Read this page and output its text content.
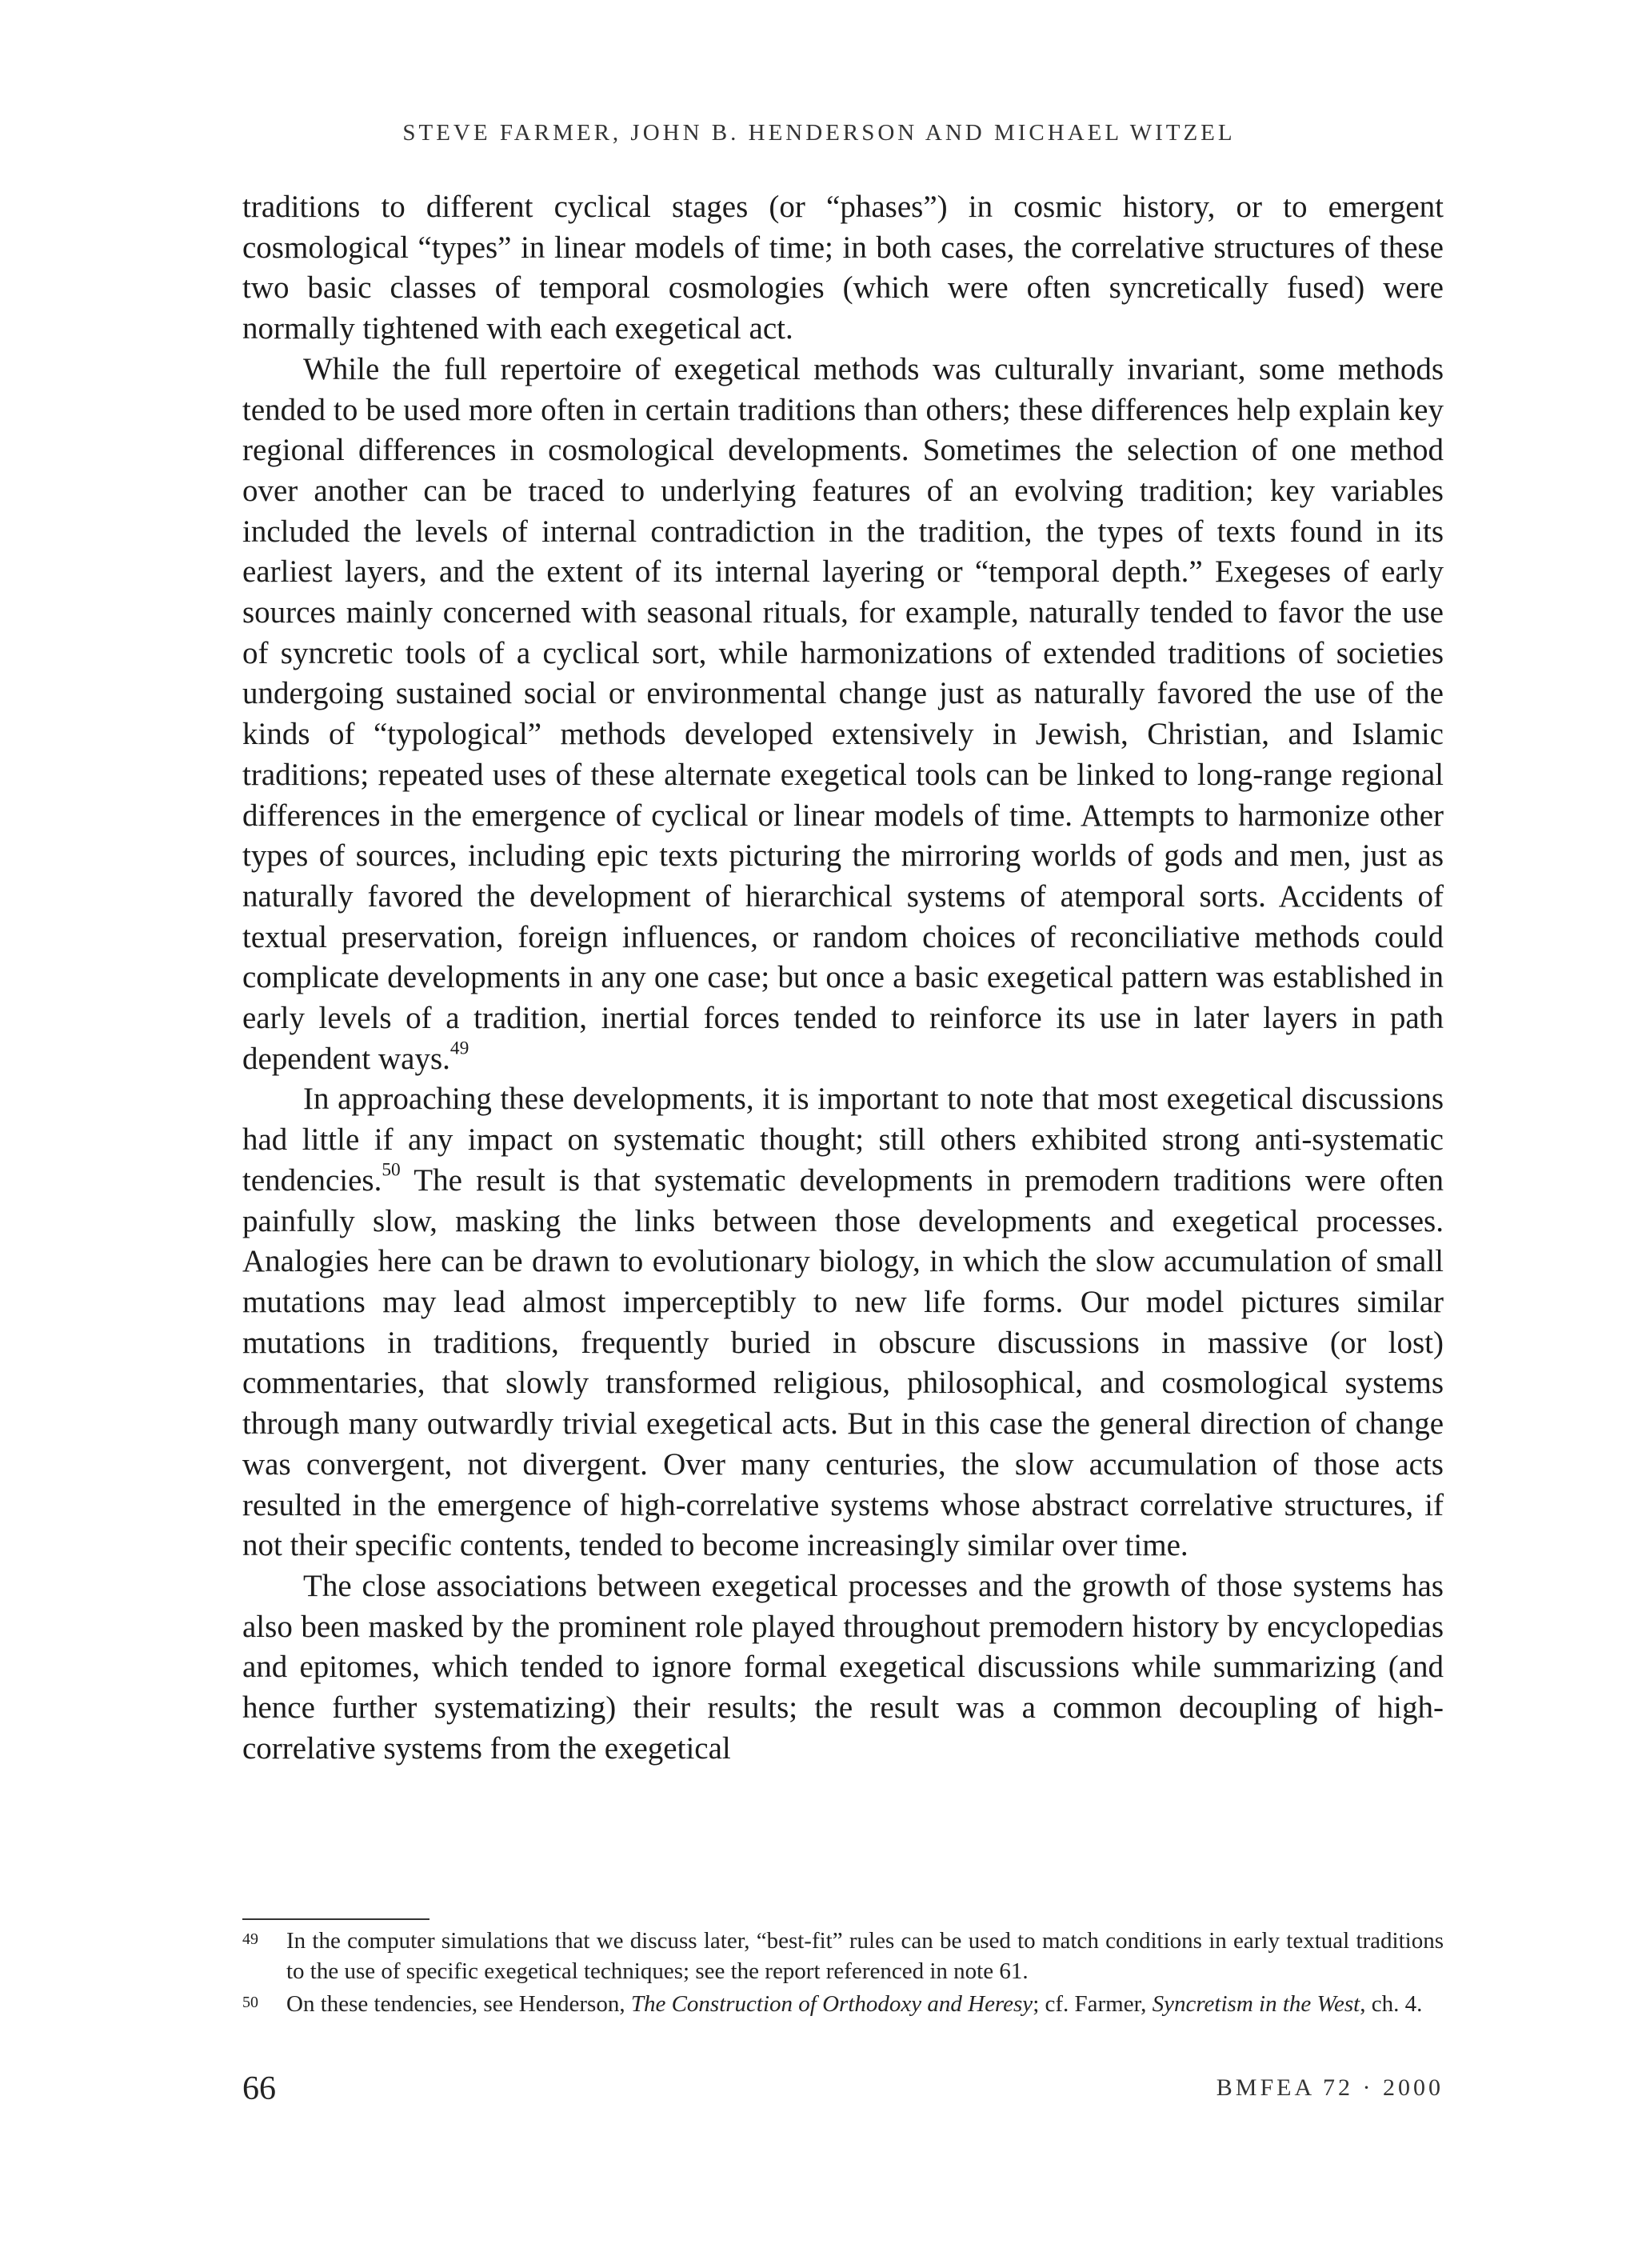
STEVE FARMER, JOHN B. HENDERSON AND MICHAEL WITZEL

traditions to different cyclical stages (or “phases”) in cosmic history, or to emergent cosmological “types” in linear models of time; in both cases, the correlative structures of these two basic classes of temporal cosmologies (which were often syncretically fused) were normally tightened with each exegetical act.

While the full repertoire of exegetical methods was culturally invariant, some methods tended to be used more often in certain traditions than others; these differences help explain key regional differences in cosmological developments. Sometimes the selection of one method over another can be traced to underlying features of an evolving tradition; key variables included the levels of internal contradiction in the tradition, the types of texts found in its earliest layers, and the extent of its internal layering or “temporal depth.” Exegeses of early sources mainly concerned with seasonal rituals, for example, naturally tended to favor the use of syncretic tools of a cyclical sort, while harmonizations of extended traditions of societies undergoing sustained social or environmental change just as naturally favored the use of the kinds of “typological” methods developed extensively in Jewish, Christian, and Islamic traditions; repeated uses of these alternate exegetical tools can be linked to long-range regional differences in the emergence of cyclical or linear models of time. Attempts to harmonize other types of sources, including epic texts picturing the mirroring worlds of gods and men, just as naturally favored the development of hierarchical systems of atemporal sorts. Accidents of textual preservation, foreign influences, or random choices of reconciliative methods could complicate developments in any one case; but once a basic exegetical pattern was established in early levels of a tradition, inertial forces tended to reinforce its use in later layers in path dependent ways.$^{49}$

In approaching these developments, it is important to note that most exegetical discussions had little if any impact on systematic thought; still others exhibited strong anti-systematic tendencies.$^{50}$ The result is that systematic developments in premodern traditions were often painfully slow, masking the links between those developments and exegetical processes. Analogies here can be drawn to evolutionary biology, in which the slow accumulation of small mutations may lead almost imperceptibly to new life forms. Our model pictures similar mutations in traditions, frequently buried in obscure discussions in massive (or lost) commentaries, that slowly transformed religious, philosophical, and cosmological systems through many outwardly trivial exegetical acts. But in this case the general direction of change was convergent, not divergent. Over many centuries, the slow accumulation of those acts resulted in the emergence of high-correlative systems whose abstract correlative structures, if not their specific contents, tended to become increasingly similar over time.

The close associations between exegetical processes and the growth of those systems has also been masked by the prominent role played throughout premodern history by encyclopedias and epitomes, which tended to ignore formal exegetical discussions while summarizing (and hence further systematizing) their results; the result was a common decoupling of high-correlative systems from the exegetical

49 In the computer simulations that we discuss later, “best-fit” rules can be used to match conditions in early textual traditions to the use of specific exegetical techniques; see the report referenced in note 61.

50 On these tendencies, see Henderson, The Construction of Orthodoxy and Heresy; cf. Farmer, Syncretism in the West, ch. 4.

66	BMFEA 72 · 2000
